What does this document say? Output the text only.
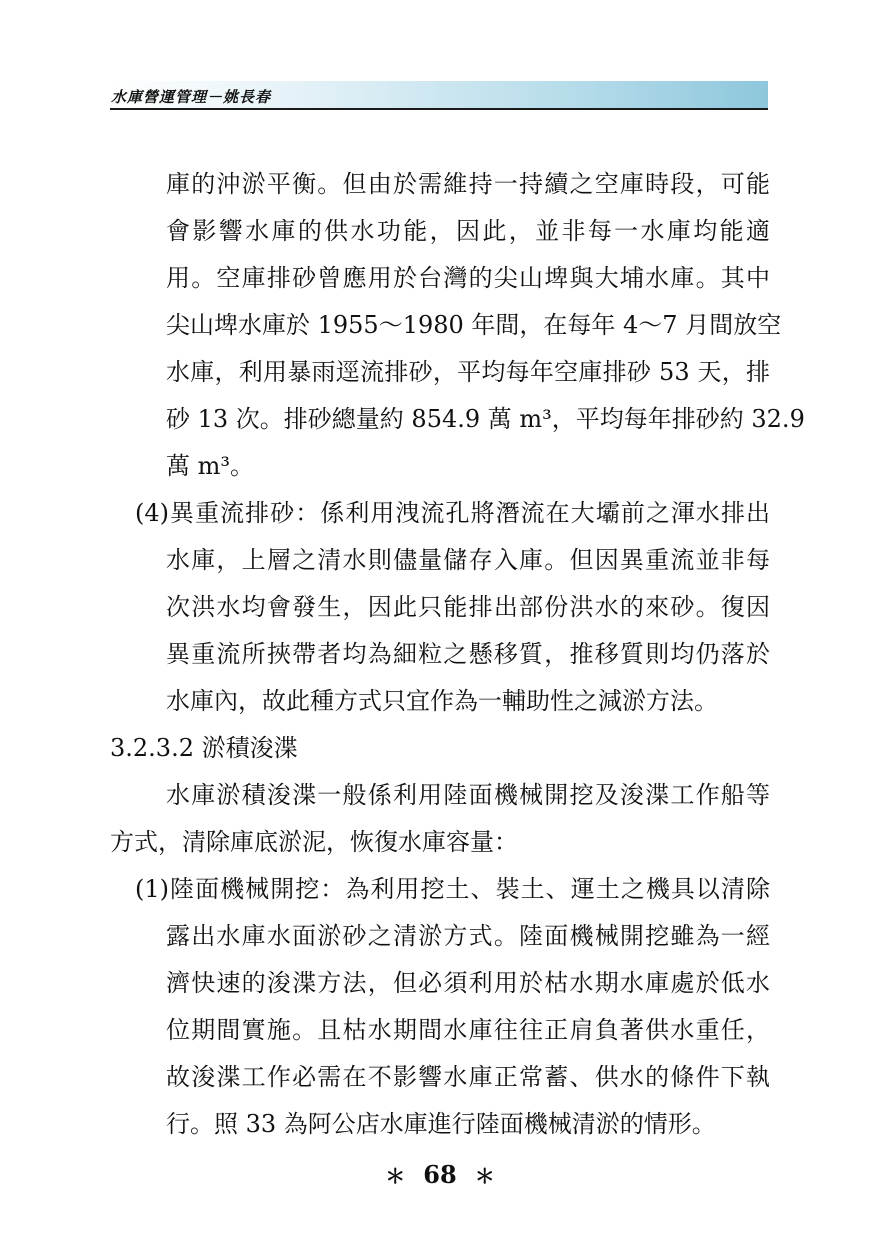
水庫營運管理－姚長春
庫的沖淤平衡。但由於需維持一持續之空庫時段，可能
會影響水庫的供水功能，因此，並非每一水庫均能適
用。空庫排砂曾應用於台灣的尖山埤與大埔水庫。其中
尖山埤水庫於 1955～1980 年間，在每年 4～7 月間放空
水庫，利用暴雨逕流排砂，平均每年空庫排砂 53 天，排
砂 13 次。排砂總量約 854.9 萬 m³，平均每年排砂約 32.9
萬 m³。
(4)異重流排砂：係利用洩流孔將潛流在大壩前之渾水排出
水庫，上層之清水則儘量儲存入庫。但因異重流並非每
次洪水均會發生，因此只能排出部份洪水的來砂。復因
異重流所挾帶者均為細粒之懸移質，推移質則均仍落於
水庫內，故此種方式只宜作為一輔助性之減淤方法。
3.2.3.2 淤積浚渫
水庫淤積浚渫一般係利用陸面機械開挖及浚渫工作船等
方式，清除庫底淤泥，恢復水庫容量：
(1)陸面機械開挖：為利用挖土、裝土、運土之機具以清除
露出水庫水面淤砂之清淤方式。陸面機械開挖雖為一經
濟快速的浚渫方法，但必須利用於枯水期水庫處於低水
位期間實施。且枯水期間水庫往往正肩負著供水重任，
故浚渫工作必需在不影響水庫正常蓄、供水的條件下執
行。照 33 為阿公店水庫進行陸面機械清淤的情形。
＊ 68 ＊
